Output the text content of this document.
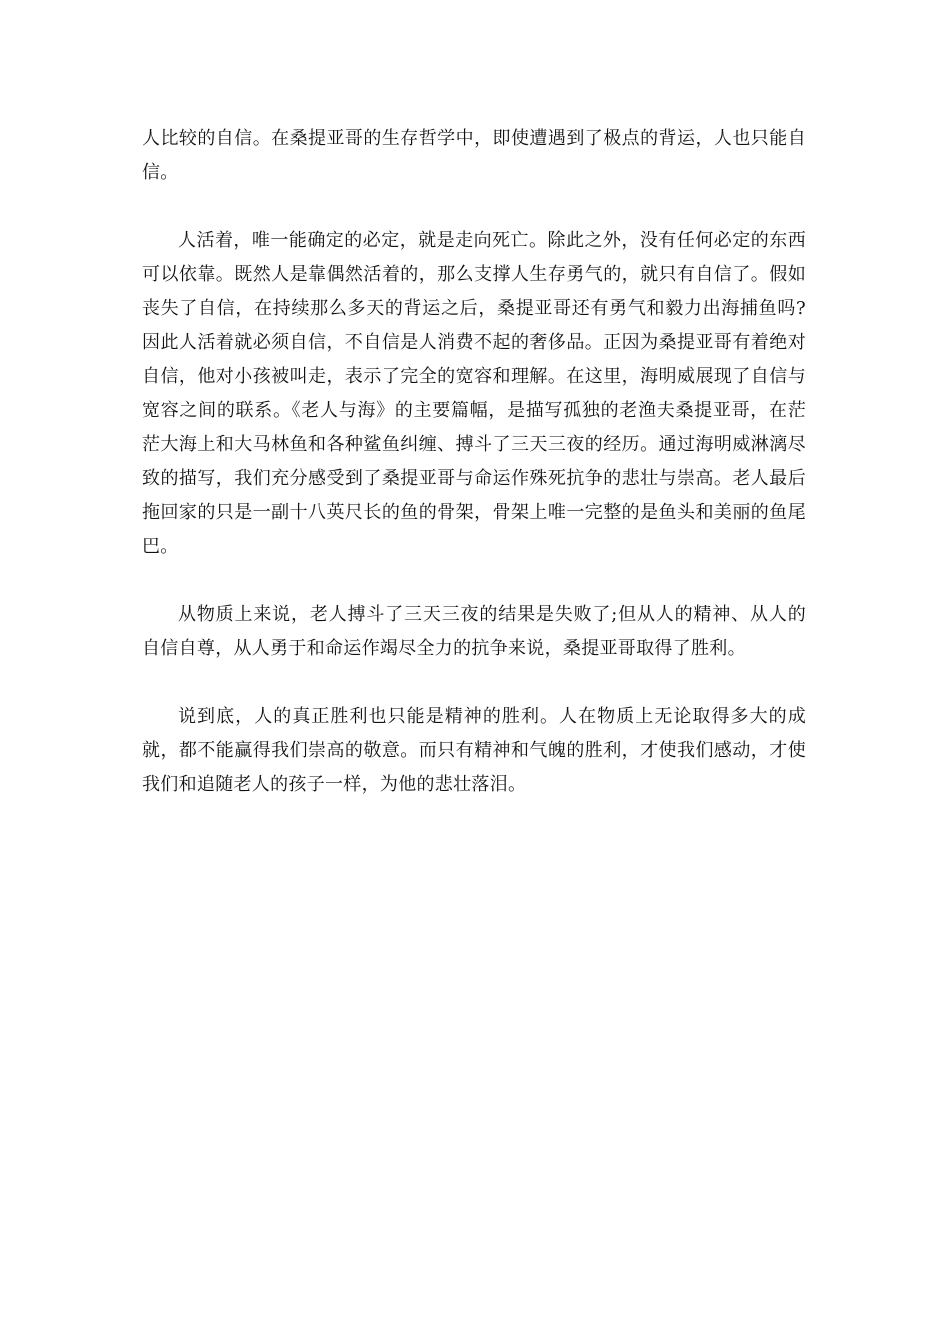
人比较的自信。在桑提亚哥的生存哲学中，即使遭遇到了极点的背运，人也只能自信。

人活着，唯一能确定的必定，就是走向死亡。除此之外，没有任何必定的东西可以依靠。既然人是靠偶然活着的，那么支撑人生存勇气的，就只有自信了。假如丧失了自信，在持续那么多天的背运之后，桑提亚哥还有勇气和毅力出海捕鱼吗?因此人活着就必须自信，不自信是人消费不起的奢侈品。正因为桑提亚哥有着绝对自信，他对小孩被叫走，表示了完全的宽容和理解。在这里，海明威展现了自信与宽容之间的联系。《老人与海》的主要篇幅，是描写孤独的老渔夫桑提亚哥，在茫茫大海上和大马林鱼和各种鲨鱼纠缠、搏斗了三天三夜的经历。通过海明威淋漓尽致的描写，我们充分感受到了桑提亚哥与命运作殊死抗争的悲壮与崇高。老人最后拖回家的只是一副十八英尺长的鱼的骨架，骨架上唯一完整的是鱼头和美丽的鱼尾巴。

从物质上来说，老人搏斗了三天三夜的结果是失败了;但从人的精神、从人的自信自尊，从人勇于和命运作竭尽全力的抗争来说，桑提亚哥取得了胜利。

说到底，人的真正胜利也只能是精神的胜利。人在物质上无论取得多大的成就，都不能赢得我们崇高的敬意。而只有精神和气魄的胜利，才使我们感动，才使我们和追随老人的孩子一样，为他的悲壮落泪。
